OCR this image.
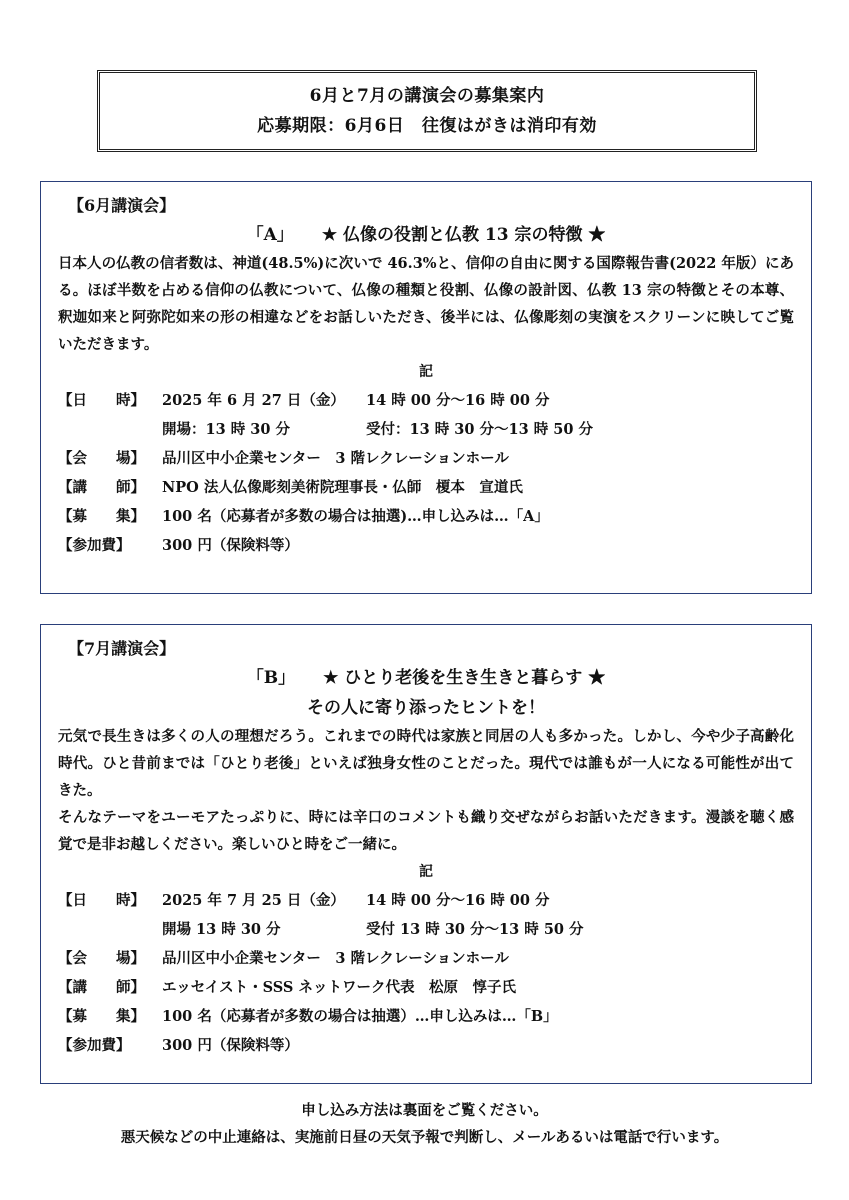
6月と7月の講演会の募集案内
応募期限：6月6日　往復はがきは消印有効
【6月講演会】
「A」 ★ 仏像の役割と仏教 13 宗の特徴 ★
日本人の仏教の信者数は、神道(48.5%)に次いで 46.3%と、信仰の自由に関する国際報告書(2022 年版）にある。ほぼ半数を占める信仰の仏教について、仏像の種類と役割、仏像の設計図、仏教 13 宗の特徴とその本尊、釈迦如来と阿弥陀如来の形の相違などをお話しいただき、後半には、仏像彫刻の実演をスクリーンに映してご覧いただきます。
記
【日　　時】	2025 年 6 月 27 日（金）	14 時 00 分〜16 時 00 分
開場：13 時 30 分	受付：13 時 30 分〜13 時 50 分
【会　　場】	品川区中小企業センター　3 階レクレーションホール
【講　　師】	NPO 法人仏像彫刻美術院理事長・仏師　榎本　宣道氏
【募　　集】	100 名（応募者が多数の場合は抽選)…申し込みは…「A」
【参加費】	300 円（保険料等）
【7月講演会】
「B」 ★ ひとり老後を生き生きと暮らす ★
その人に寄り添ったヒントを！
元気で長生きは多くの人の理想だろう。これまでの時代は家族と同居の人も多かった。しかし、今や少子高齢化時代。ひと昔前までは「ひとり老後」といえば独身女性のことだった。現代では誰もが一人になる可能性が出てきた。
そんなテーマをユーモアたっぷりに、時には辛口のコメントも織り交ぜながらお話いただきます。漫談を聴く感覚で是非お越しください。楽しいひと時をご一緒に。
記
【日　　時】	2025 年 7 月 25 日（金）	14 時 00 分〜16 時 00 分
開場 13 時 30 分	受付 13 時 30 分〜13 時 50 分
【会　　場】	品川区中小企業センター　3 階レクレーションホール
【講　　師】	エッセイスト・SSS ネットワーク代表　松原　惇子氏
【募　　集】	100 名（応募者が多数の場合は抽選）…申し込みは…「B」
【参加費】	300 円（保険料等）
申し込み方法は裏面をご覧ください。
悪天候などの中止連絡は、実施前日昼の天気予報で判断し、メールあるいは電話で行います。
